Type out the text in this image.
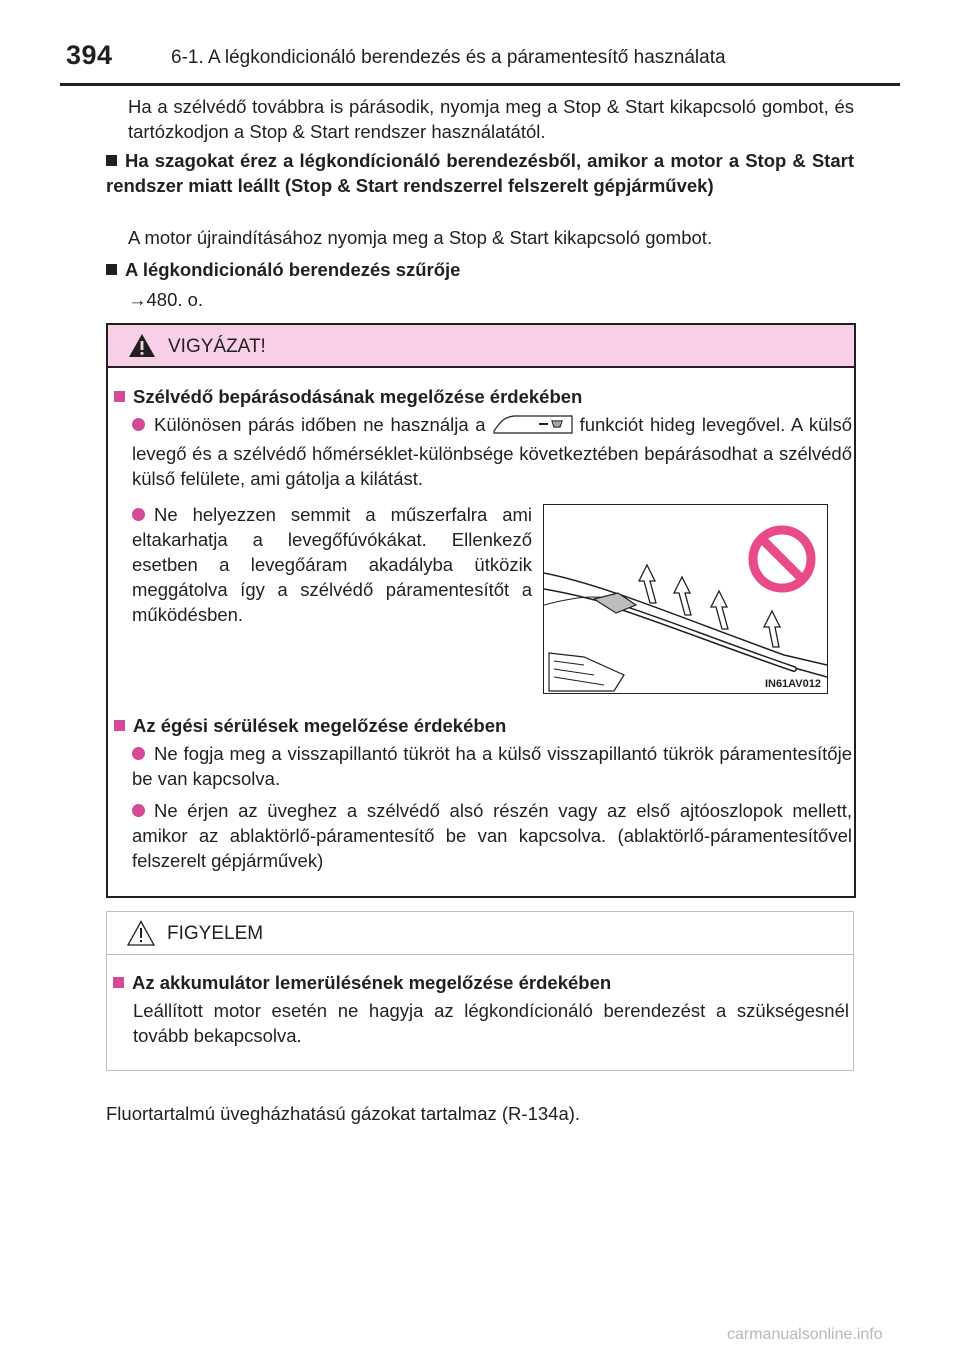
394	6-1. A légkondicionáló berendezés és a páramentesítő használata

Ha a szélvédő továbbra is párásodik, nyomja meg a Stop & Start kikapcsoló gombot, és tartózkodjon a Stop & Start rendszer használatától.

Ha szagokat érez a légkondícionáló berendezésből, amikor a motor a Stop & Start rendszer miatt leállt (Stop & Start rendszerrel felszerelt gépjárművek)

A motor újraindításához nyomja meg a Stop & Start kikapcsoló gombot.

A légkondicionáló berendezés szűrője

→480. o.

VIGYÁZAT!

Szélvédő bepárásodásának megelőzése érdekében

Különösen párás időben ne használja a	funkciót hideg levegővel. A külső levegő és a szélvédő hőmérséklet-különbsége következtében bepárásodhat a szélvédő külső felülete, ami gátolja a kilátást.

Ne helyezzen semmit a műszerfalra ami eltakarhatja a levegőfúvókákat. Ellenkező esetben a levegőáram akadályba ütközik meggátolva így a szélvédő páramentesítőt a működésben.

Az égési sérülések megelőzése érdekében

Ne fogja meg a visszapillantó tükröt ha a külső visszapillantó tükrök páramentesítője be van kapcsolva.

Ne érjen az üveghez a szélvédő alsó részén vagy az első ajtóoszlopok mellett, amikor az ablaktörlő-páramentesítő be van kapcsolva. (ablaktörlő-páramentesítővel felszerelt gépjárművek)

IN61AV012
FIGYELEM

Az akkumulátor lemerülésének megelőzése érdekében

Leállított motor esetén ne hagyja az légkondícionáló berendezést a szükségesnél tovább bekapcsolva.

Fluortartalmú üvegházhatású gázokat tartalmaz (R-134a).

carmanualsonline.info
